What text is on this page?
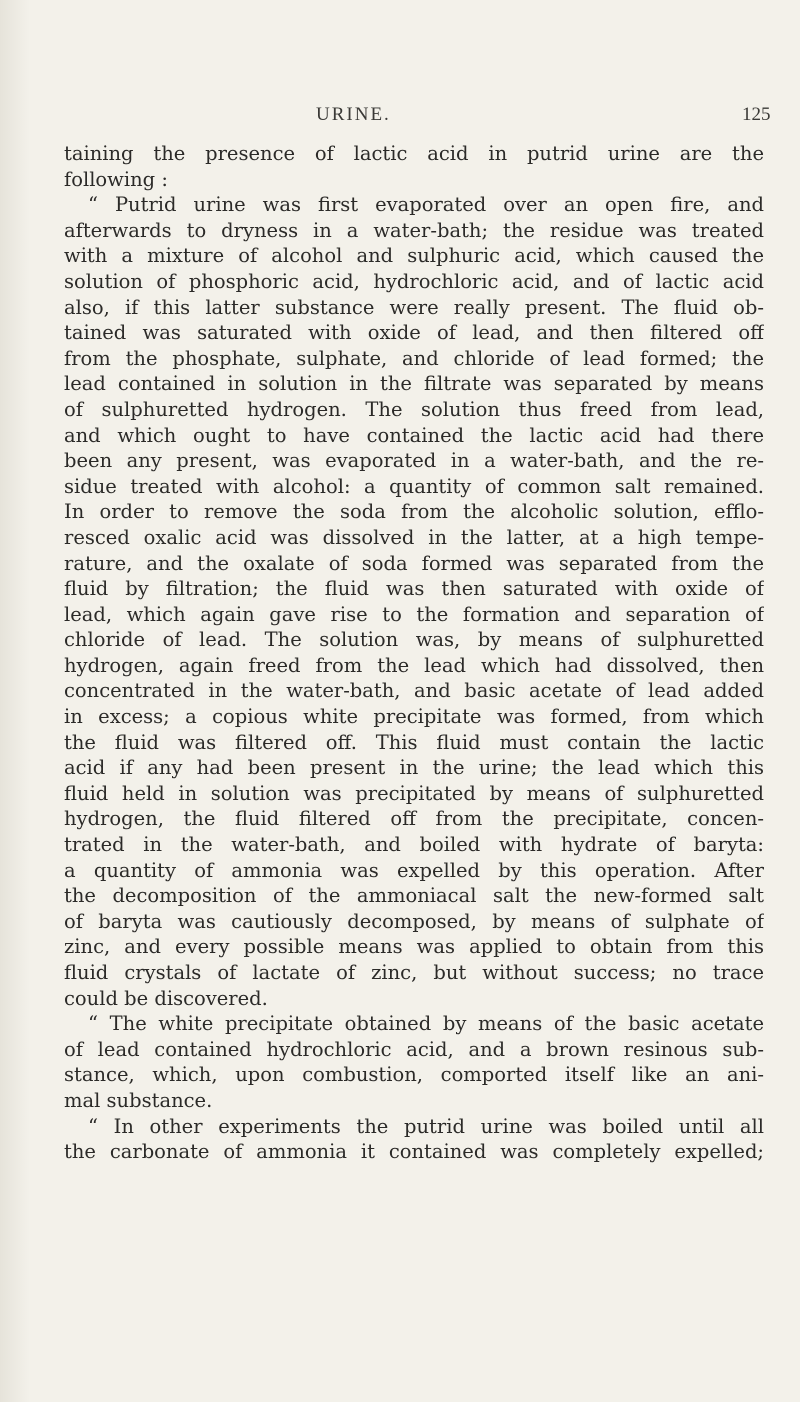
URINE.	125
taining the presence of lactic acid in putrid urine are the
following :
“ Putrid urine was first evaporated over an open fire, and
afterwards to dryness in a water-bath; the residue was treated
with a mixture of alcohol and sulphuric acid, which caused the
solution of phosphoric acid, hydrochloric acid, and of lactic acid
also, if this latter substance were really present. The fluid ob-
tained was saturated with oxide of lead, and then filtered off
from the phosphate, sulphate, and chloride of lead formed; the
lead contained in solution in the filtrate was separated by means
of sulphuretted hydrogen. The solution thus freed from lead,
and which ought to have contained the lactic acid had there
been any present, was evaporated in a water-bath, and the re-
sidue treated with alcohol: a quantity of common salt remained.
In order to remove the soda from the alcoholic solution, efflo-
resced oxalic acid was dissolved in the latter, at a high tempe-
rature, and the oxalate of soda formed was separated from the
fluid by filtration; the fluid was then saturated with oxide of
lead, which again gave rise to the formation and separation of
chloride of lead. The solution was, by means of sulphuretted
hydrogen, again freed from the lead which had dissolved, then
concentrated in the water-bath, and basic acetate of lead added
in excess; a copious white precipitate was formed, from which
the fluid was filtered off. This fluid must contain the lactic
acid if any had been present in the urine; the lead which this
fluid held in solution was precipitated by means of sulphuretted
hydrogen, the fluid filtered off from the precipitate, concen-
trated in the water-bath, and boiled with hydrate of baryta:
a quantity of ammonia was expelled by this operation. After
the decomposition of the ammoniacal salt the new-formed salt
of baryta was cautiously decomposed, by means of sulphate of
zinc, and every possible means was applied to obtain from this
fluid crystals of lactate of zinc, but without success; no trace
could be discovered.
“ The white precipitate obtained by means of the basic acetate
of lead contained hydrochloric acid, and a brown resinous sub-
stance, which, upon combustion, comported itself like an ani-
mal substance.
“ In other experiments the putrid urine was boiled until all
the carbonate of ammonia it contained was completely expelled;
